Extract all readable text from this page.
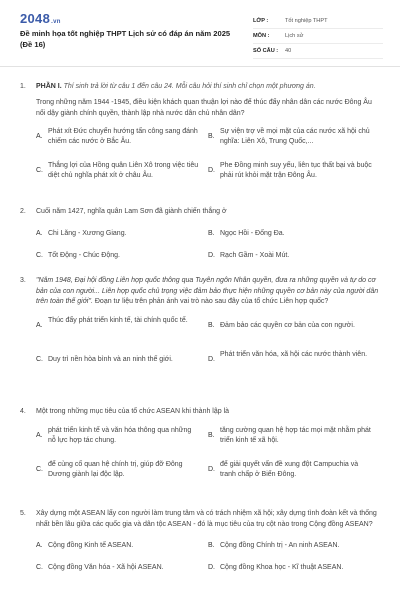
2048.vn
Đề minh họa tốt nghiệp THPT Lịch sử có đáp án năm 2025 (Đề 16)
LỚP :	Tốt nghiệp THPT
MÔN :	Lịch sử
SỐ CÂU : 40
1.	PHẦN I. Thí sinh trả lời từ câu 1 đến câu 24. Mỗi câu hỏi thí sinh chỉ chọn một phương án.
Trong những năm 1944 -1945, điều kiện khách quan thuận lợi nào để thúc đẩy nhân dân các nước Đông Âu nổi dậy giành chính quyền, thành lập nhà nước dân chủ nhân dân?
A.
Phát xít Đức chuyển hướng tấn công sang đánh chiếm các nước ở Bắc Âu.
B.
Sự viện trợ về mọi mặt của các nước xã hội chủ nghĩa: Liên Xô, Trung Quốc,...
C.
Thắng lợi của Hồng quân Liên Xô trong việc tiêu diệt chủ nghĩa phát xít ở châu Âu.
D.
Phe Đồng minh suy yếu, liên tục thất bại và buộc phải rút khỏi mặt trận Đông Âu.
2.	Cuối năm 1427, nghĩa quân Lam Sơn đã giành chiến thắng ở
A. Chi Lăng - Xương Giang.	B. Ngọc Hồi - Đống Đa.
C. Tốt Động - Chúc Động.	D. Rạch Gầm - Xoài Mút.
3.	"Năm 1948, Đại hội đồng Liên hợp quốc thông qua Tuyên ngôn Nhân quyền, đưa ra những quyền và tự do cơ bản của con người... Liên hợp quốc chủ trọng việc đảm bảo thực hiện những quyền cơ bản này của người dân trên toàn thế giới". Đoạn tư liệu trên phản ánh vai trò nào sau đây của tổ chức Liên hợp quốc?
A.
Thúc đẩy phát triển kinh tế, tài chính quốc tế.
B. Đảm bảo các quyền cơ bản của con người.
C. Duy trì nền hòa bình và an ninh thế giới.	D.
Phát triển văn hóa, xã hội các nước thành viên.
4.	Một trong những mục tiêu của tổ chức ASEAN khi thành lập là
A.
phát triển kinh tế và văn hóa thông qua những nỗ lực hợp tác chung.
B.
tăng cường quan hệ hợp tác mọi mặt nhằm phát triển kinh tế xã hội.
C.
để củng cố quan hệ chính trị, giúp đỡ Đông Dương giành lại độc lập.
D.
để giải quyết vấn đề xung đột Campuchia và tranh chấp ở Biển Đông.
5.	Xây dựng một ASEAN lấy con người làm trung tâm và có trách nhiệm xã hội; xây dựng tình đoàn kết và thống nhất bền lâu giữa các quốc gia và dân tộc ASEAN - đó là mục tiêu của trụ cột nào trong Cộng đồng ASEAN?
A. Cộng đồng Kinh tế ASEAN.	B. Cộng đồng Chính trị - An ninh ASEAN.
C. Cộng đồng Văn hóa - Xã hội ASEAN.	D. Cộng đồng Khoa học - Kĩ thuật ASEAN.
